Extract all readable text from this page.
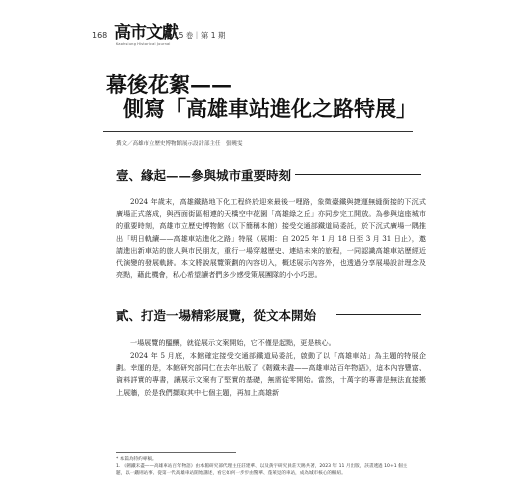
168 高市文獻
Kaohsiung Historical Journal
第 15 卷｜第 1 期
幕後花絮——
側寫「高雄車站進化之路特展」
撰文／高雄市立歷史博物館展示設計部主任　張曉雯
壹、緣起——參與城市重要時刻

2024 年歲末，高雄鐵路地下化工程終於迎來最後一哩路，象徵臺鐵與捷運無縫銜接的下沉式廣場正式落成，與西面街區相連的天橋空中花園「高雄綠之丘」亦同步完工開放。為參與這座城市的重要時刻，高雄市立歷史博物館（以下簡稱本館）接受交通部鐵道局委託，於下沉式廣場一隅推出「明日軌續——高雄車站進化之路」特展（展期：自 2025 年 1 月 18 日至 3 月 31 日止），邀請進出新車站的旅人與市民朋友，重行一場穿越歷史、連結未來的旅程，一同認識高雄車站歷經近代演變的發展軌跡。本文將說展覽策劃的內容切入，概述展示內容外，也透過分享展場設計理念及亮點，藉此機會，私心希望讀者們多少感受策展團隊的小小巧思。

貳、打造一場精彩展覽，從文本開始

一場展覽的醞釀，就從展示文案開始，它不僅是起點，更是核心。

2024 年 5 月底，本館確定接受交通部鐵道局委託，啟動了以「高雄車站」為主題的特展企劃。幸運的是，本館研究部同仁在去年出版了《韌鐵未盡——高雄車站百年物語》，這本內容豐富、資料詳實的專書，讓展示文案有了堅實的基礎，無需從零開始。當然，十萬字的專書是無法直接搬上展牆，於是我們擷取其中七個主題，再加上高雄新

* 本篇為特約專稿。
1. 《韌鐵未盡——高雄車站百年物語》由本館研究部代理主任莊建華、以及黃宇研究員莊天賜共著，2023 年 11 月出版，該書透過 10+1 個主題，以一鐵則站事、從第一代高雄車站開始講述，看它如何一步步由驚華、蓬萊見的車站，成為城市核心的樞紐。
